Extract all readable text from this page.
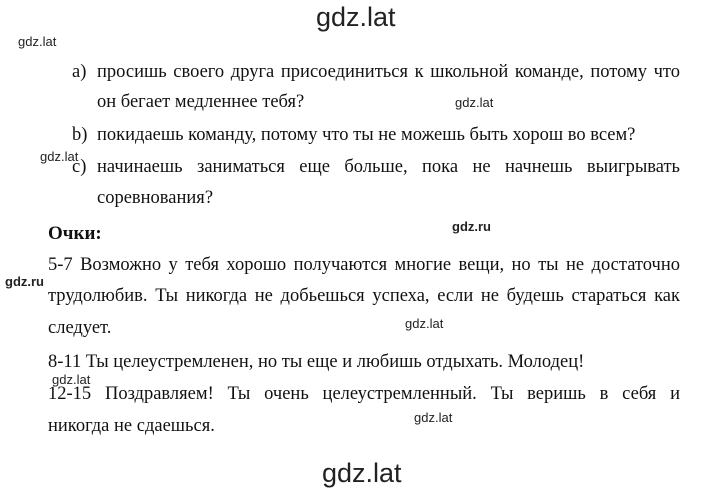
gdz.lat
gdz.lat
gdz.lat
gdz.lat
gdz.ru
gdz.ru
gdz.lat
gdz.lat
gdz.lat
gdz.lat
a) просишь своего друга присоединиться к школьной команде, потому что
он бегает медленнее тебя?
b) покидаешь команду, потому что ты не можешь быть хорош во всем?
c) начинаешь заниматься еще больше, пока не начнешь выигрывать
соревнования?
Очки:
5-7 Возможно у тебя хорошо получаются многие вещи, но ты не достаточно
трудолюбив. Ты никогда не добьешься успеха, если не будешь стараться как
следует.
8-11 Ты целеустремленен, но ты еще и любишь отдыхать. Молодец!
12-15 Поздравляем! Ты очень целеустремленный. Ты веришь в себя и
никогда не сдаешься.
